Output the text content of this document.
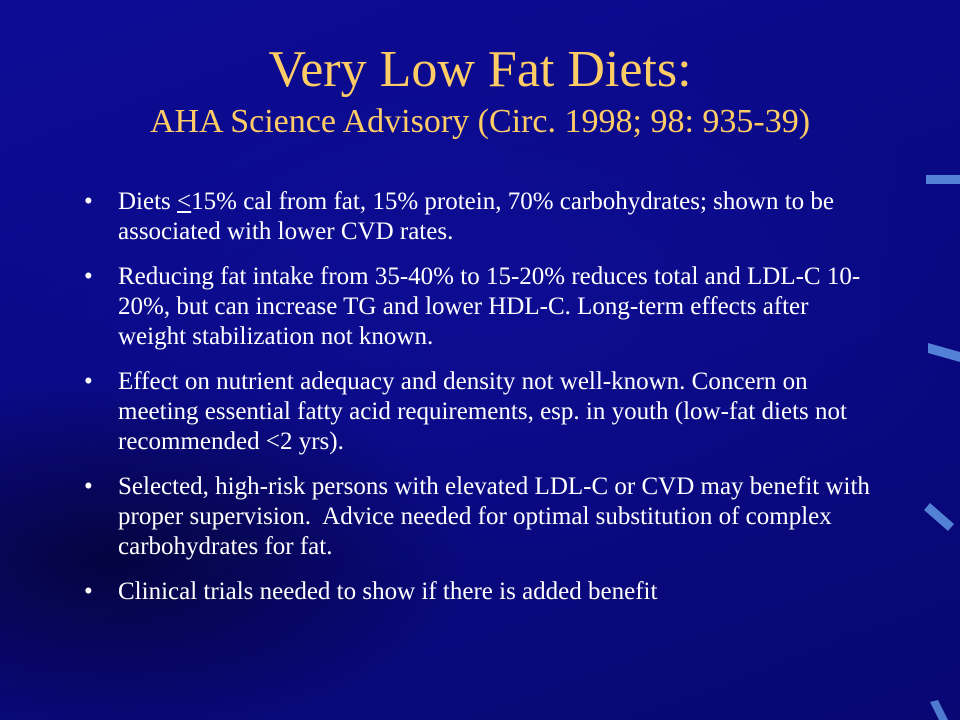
Very Low Fat Diets:
AHA Science Advisory (Circ. 1998; 98: 935-39)
• Diets <15% cal from fat, 15% protein, 70% carbohydrates; shown to be associated with lower CVD rates.
• Reducing fat intake from 35-40% to 15-20% reduces total and LDL-C 10-20%, but can increase TG and lower HDL-C. Long-term effects after weight stabilization not known.
• Effect on nutrient adequacy and density not well-known. Concern on meeting essential fatty acid requirements, esp. in youth (low-fat diets not recommended <2 yrs).
• Selected, high-risk persons with elevated LDL-C or CVD may benefit with proper supervision.  Advice needed for optimal substitution of complex carbohydrates for fat.
• Clinical trials needed to show if there is added benefit
